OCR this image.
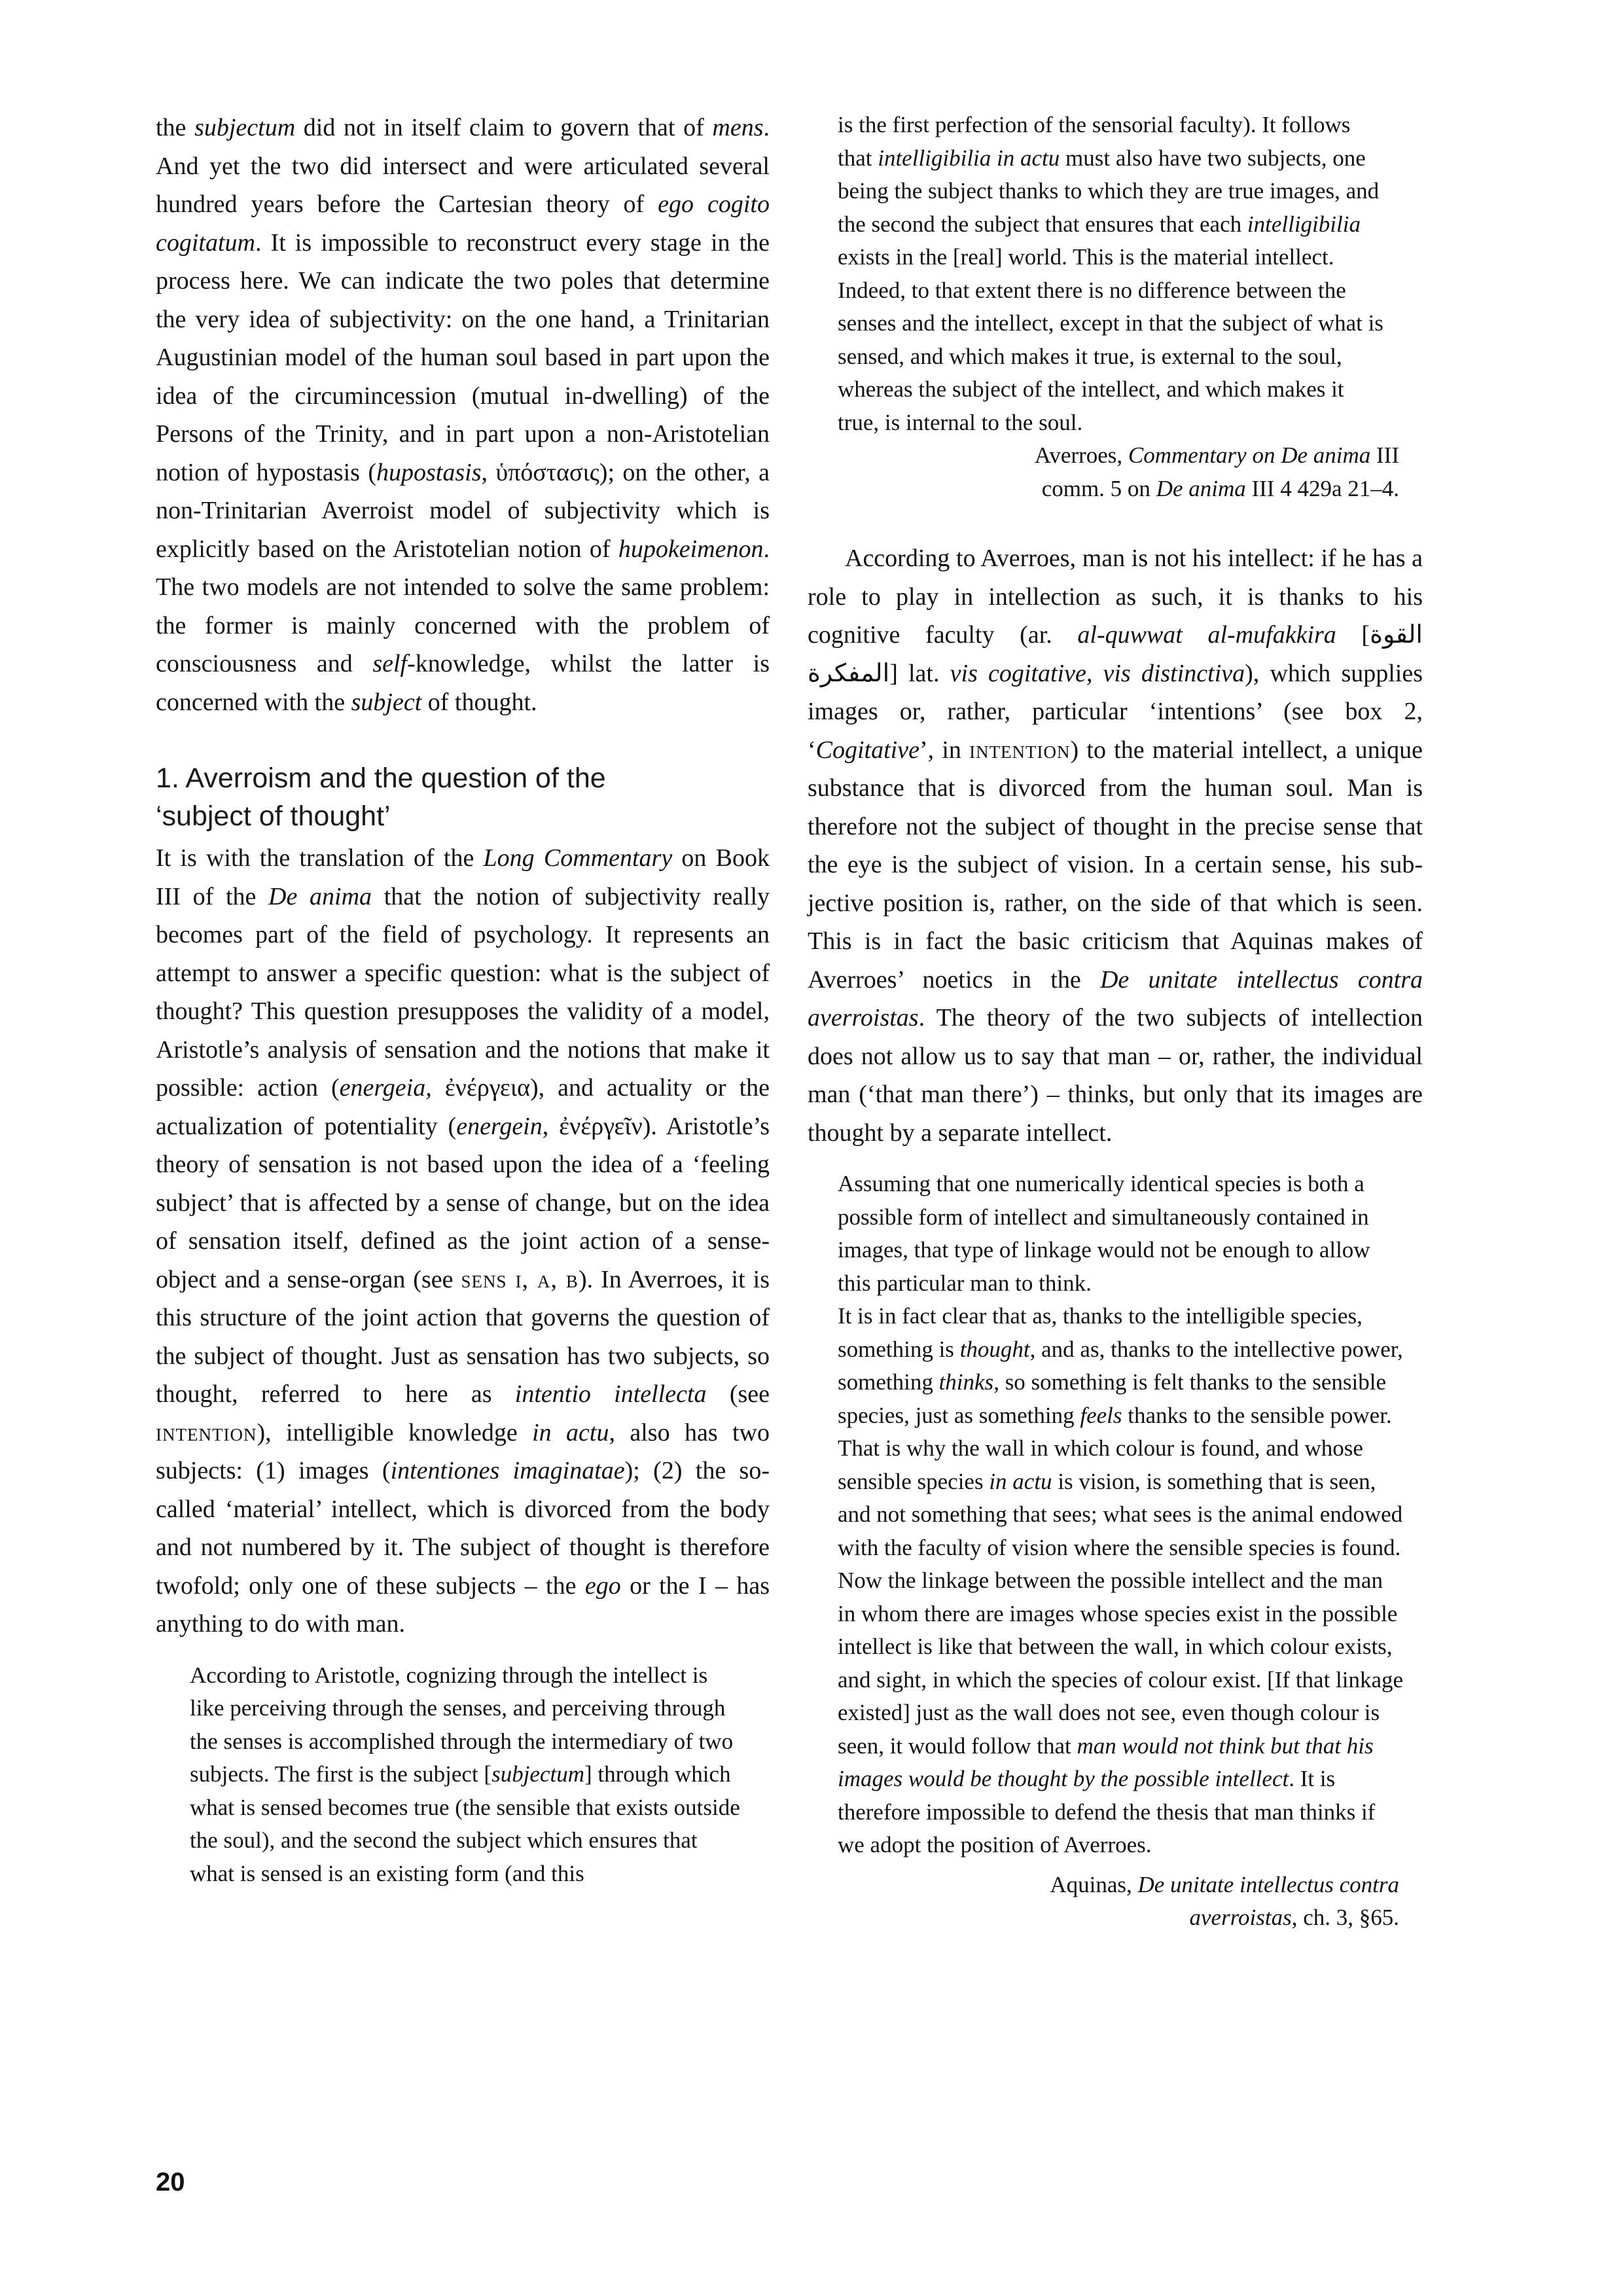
the subjectum did not in itself claim to govern that of mens. And yet the two did intersect and were articulated several hundred years before the Cartesian theory of ego cogito cogitatum. It is impossible to reconstruct every stage in the process here. We can indicate the two poles that determine the very idea of subjectivity: on the one hand, a Trinitarian Augustinian model of the human soul based in part upon the idea of the circumincession (mutual in-dwelling) of the Persons of the Trinity, and in part upon a non-Aristotelian notion of hypostasis (hupostasis, ὑπόστασις); on the other, a non-Trinitarian Averroist model of subjectivity which is explicitly based on the Aristotelian notion of hupokeimenon. The two models are not intended to solve the same problem: the former is mainly concerned with the problem of consciousness and self-knowledge, whilst the latter is concerned with the subject of thought.

1. Averroism and the question of the
‘subject of thought’

It is with the translation of the Long Commentary on Book III of the De anima that the notion of subjectivity really becomes part of the field of psychology. It represents an attempt to answer a specific question: what is the subject of thought? This question presupposes the validity of a model, Aristotle’s analysis of sensation and the notions that make it possible: action (energeia, ἐνέργεια), and actuality or the actualization of potentiality (energein, ἐνέργεῖν). Aristotle’s theory of sensation is not based upon the idea of a ‘feeling subject’ that is affected by a sense of change, but on the idea of sensation itself, defined as the joint action of a sense-object and a sense-organ (see sens i, a, b). In Averroes, it is this structure of the joint action that governs the question of the subject of thought. Just as sensation has two subjects, so thought, referred to here as intentio intellecta (see intention), intelligible knowledge in actu, also has two subjects: (1) images (intentiones imaginatae); (2) the so-called ‘material’ intellect, which is divorced from the body and not numbered by it. The subject of thought is therefore twofold; only one of these subjects – the ego or the I – has anything to do with man.

According to Aristotle, cognizing through the intellect is like perceiving through the senses, and perceiving through the senses is accomplished through the intermediary of two subjects. The first is the subject [subjectum] through which what is sensed becomes true (the sensible that exists outside the soul), and the second the subject which ensures that what is sensed is an existing form (and this

is the first perfection of the sensorial faculty). It follows that intelligibilia in actu must also have two subjects, one being the subject thanks to which they are true images, and the second the subject that ensures that each intelligibilia exists in the [real] world. This is the material intellect. Indeed, to that extent there is no difference between the senses and the intellect, except in that the subject of what is sensed, and which makes it true, is external to the soul, whereas the subject of the intellect, and which makes it true, is internal to the soul.

Averroes, Commentary on De anima III

comm. 5 on De anima III 4 429a 21–4.

According to Averroes, man is not his intellect: if he has a role to play in intellection as such, it is thanks to his cognitive faculty (ar. al-quwwat al-mufakkira [القوة المفكرة] lat. vis cogitative, vis distinctiva), which supplies images or, rather, particular ‘intentions’ (see box 2, ‘Cogitative’, in intention) to the material intellect, a unique substance that is divorced from the human soul. Man is therefore not the subject of thought in the precise sense that the eye is the subject of vision. In a certain sense, his sub-jective position is, rather, on the side of that which is seen. This is in fact the basic criticism that Aquinas makes of Averroes’ noetics in the De unitate intellectus contra averroistas. The theory of the two subjects of intellection does not allow us to say that man – or, rather, the individual man (‘that man there’) – thinks, but only that its images are thought by a separate intellect.

Assuming that one numerically identical species is both a possible form of intellect and simultaneously contained in images, that type of linkage would not be enough to allow this particular man to think.

It is in fact clear that as, thanks to the intelligible species, something is thought, and as, thanks to the intellective power, something thinks, so something is felt thanks to the sensible species, just as something feels thanks to the sensible power. That is why the wall in which colour is found, and whose sensible species in actu is vision, is something that is seen, and not something that sees; what sees is the animal endowed with the faculty of vision where the sensible species is found. Now the linkage between the possible intellect and the man in whom there are images whose species exist in the possible intellect is like that between the wall, in which colour exists, and sight, in which the species of colour exist. [If that linkage existed] just as the wall does not see, even though colour is seen, it would follow that man would not think but that his images would be thought by the possible intellect. It is therefore impossible to defend the thesis that man thinks if we adopt the position of Averroes.

Aquinas, De unitate intellectus contra

averroistas, ch. 3, §65.

20
